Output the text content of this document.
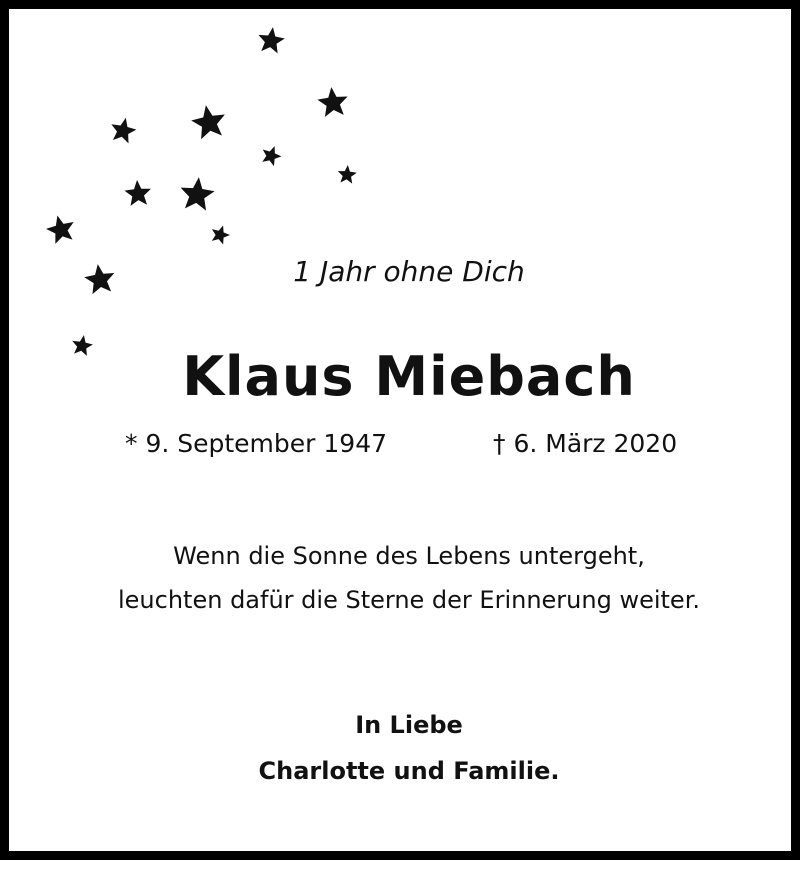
1 Jahr ohne Dich
Klaus Miebach
* 9. September 1947	† 6. März 2020
Wenn die Sonne des Lebens untergeht,
leuchten dafür die Sterne der Erinnerung weiter.
In Liebe
Charlotte und Familie.
